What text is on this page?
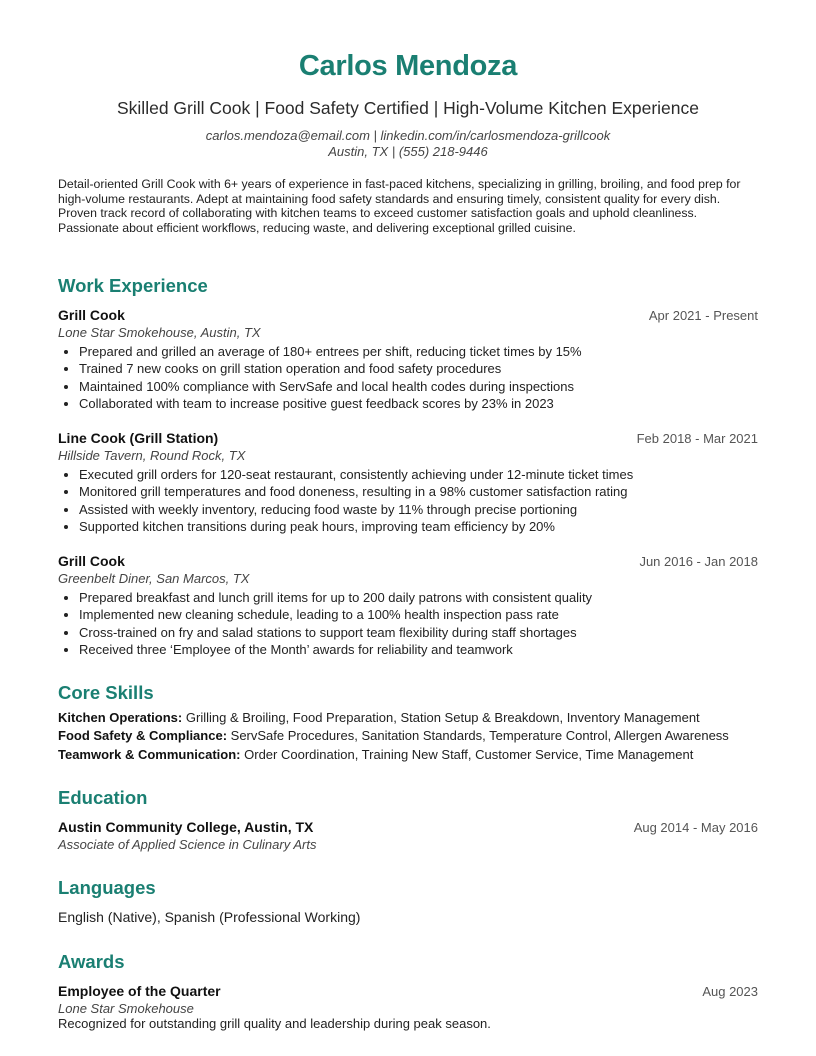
Carlos Mendoza
Skilled Grill Cook | Food Safety Certified | High-Volume Kitchen Experience
carlos.mendoza@email.com | linkedin.com/in/carlosmendoza-grillcook
Austin, TX | (555) 218-9446
Detail-oriented Grill Cook with 6+ years of experience in fast-paced kitchens, specializing in grilling, broiling, and food prep for high-volume restaurants. Adept at maintaining food safety standards and ensuring timely, consistent quality for every dish. Proven track record of collaborating with kitchen teams to exceed customer satisfaction goals and uphold cleanliness. Passionate about efficient workflows, reducing waste, and delivering exceptional grilled cuisine.
Work Experience
Grill Cook	Apr 2021 - Present
Lone Star Smokehouse, Austin, TX
Prepared and grilled an average of 180+ entrees per shift, reducing ticket times by 15%
Trained 7 new cooks on grill station operation and food safety procedures
Maintained 100% compliance with ServSafe and local health codes during inspections
Collaborated with team to increase positive guest feedback scores by 23% in 2023
Line Cook (Grill Station)	Feb 2018 - Mar 2021
Hillside Tavern, Round Rock, TX
Executed grill orders for 120-seat restaurant, consistently achieving under 12-minute ticket times
Monitored grill temperatures and food doneness, resulting in a 98% customer satisfaction rating
Assisted with weekly inventory, reducing food waste by 11% through precise portioning
Supported kitchen transitions during peak hours, improving team efficiency by 20%
Grill Cook	Jun 2016 - Jan 2018
Greenbelt Diner, San Marcos, TX
Prepared breakfast and lunch grill items for up to 200 daily patrons with consistent quality
Implemented new cleaning schedule, leading to a 100% health inspection pass rate
Cross-trained on fry and salad stations to support team flexibility during staff shortages
Received three ‘Employee of the Month’ awards for reliability and teamwork
Core Skills
Kitchen Operations: Grilling & Broiling, Food Preparation, Station Setup & Breakdown, Inventory Management
Food Safety & Compliance: ServSafe Procedures, Sanitation Standards, Temperature Control, Allergen Awareness
Teamwork & Communication: Order Coordination, Training New Staff, Customer Service, Time Management
Education
Austin Community College, Austin, TX	Aug 2014 - May 2016
Associate of Applied Science in Culinary Arts
Languages
English (Native), Spanish (Professional Working)
Awards
Employee of the Quarter	Aug 2023
Lone Star Smokehouse
Recognized for outstanding grill quality and leadership during peak season.
